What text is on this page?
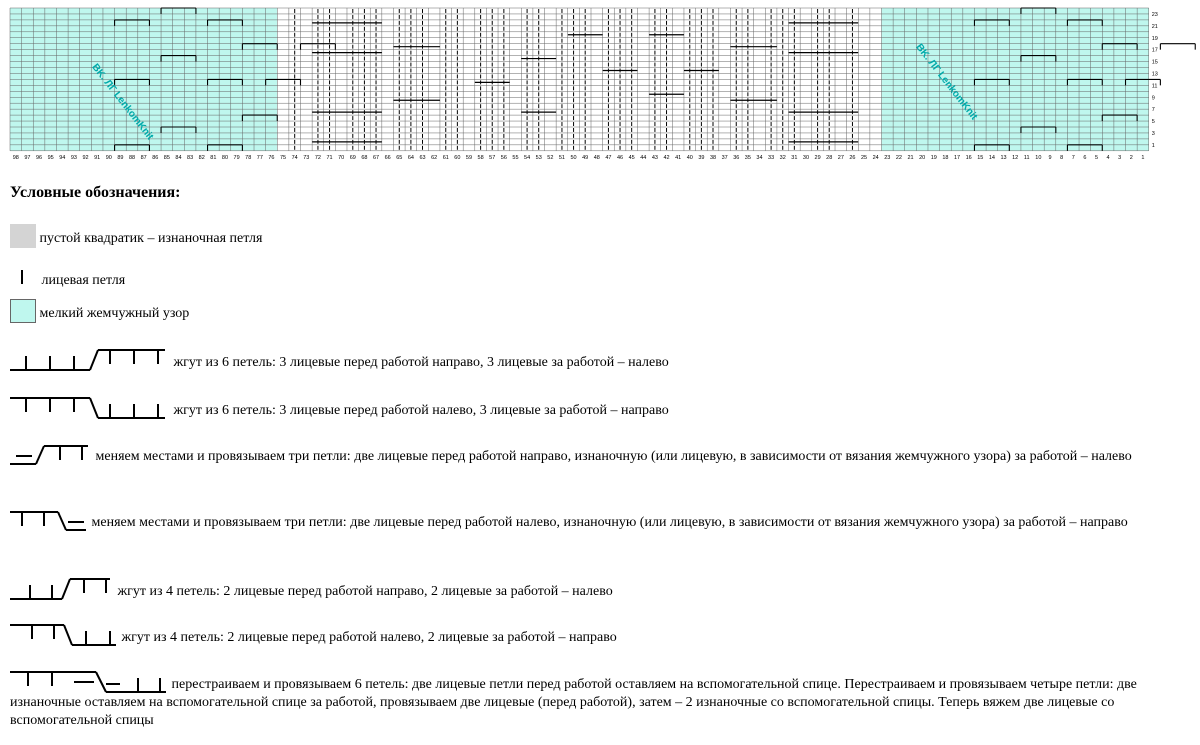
98 97 96 95 94 93 92 91 90 89 88 87 86 85 84 83 82 81 80 79 78 77 76 75 74 73 72 71 70 69 68 67 66 65 64 63 62 61 60 59 58 57 56 55 54 53 52 51 50 49 48 47 46 45 44 43 42 41 40 39 38 37 36 35 34 33 32 31 30 29 28 27 26 25 24 23 22 21 20 19 18 17 16 15 14 13 12 11 10 9 8 7 6 5 4 3 2 1
23
21
19
17
15
13
11
9
7
5
3
1
BK. ЛГ LenkomKnit	BK. ЛГ LenkomKnit
Условные обозначения:
пустой квадратик – изнаночная петля
лицевая петля
мелкий жемчужный узор
жгут из 6 петель: 3 лицевые перед работой направо, 3 лицевые за работой – налево
жгут из 6 петель: 3 лицевые перед работой налево, 3 лицевые за работой – направо
меняем местами и провязываем три петли: две лицевые перед работой направо, изнаночную (или лицевую, в зависимости от вязания жемчужного узора) за работой – налево
меняем местами и провязываем три петли: две лицевые перед работой налево, изнаночную (или лицевую, в зависимости от вязания жемчужного узора) за работой – направо
жгут из 4 петель: 2 лицевые перед работой направо, 2 лицевые за работой – налево
жгут из 4 петель: 2 лицевые перед работой налево, 2 лицевые за работой – направо
перестраиваем и провязываем 6 петель: две лицевые петли перед работой оставляем на вспомогательной спице. Перестраиваем и провязываем четыре петли: две изнаночные оставляем на вспомогательной спице за работой, провязываем две лицевые (перед работой), затем – 2 изнаночные со вспомогательной спицы. Теперь вяжем две лицевые со вспомогательной спицы
